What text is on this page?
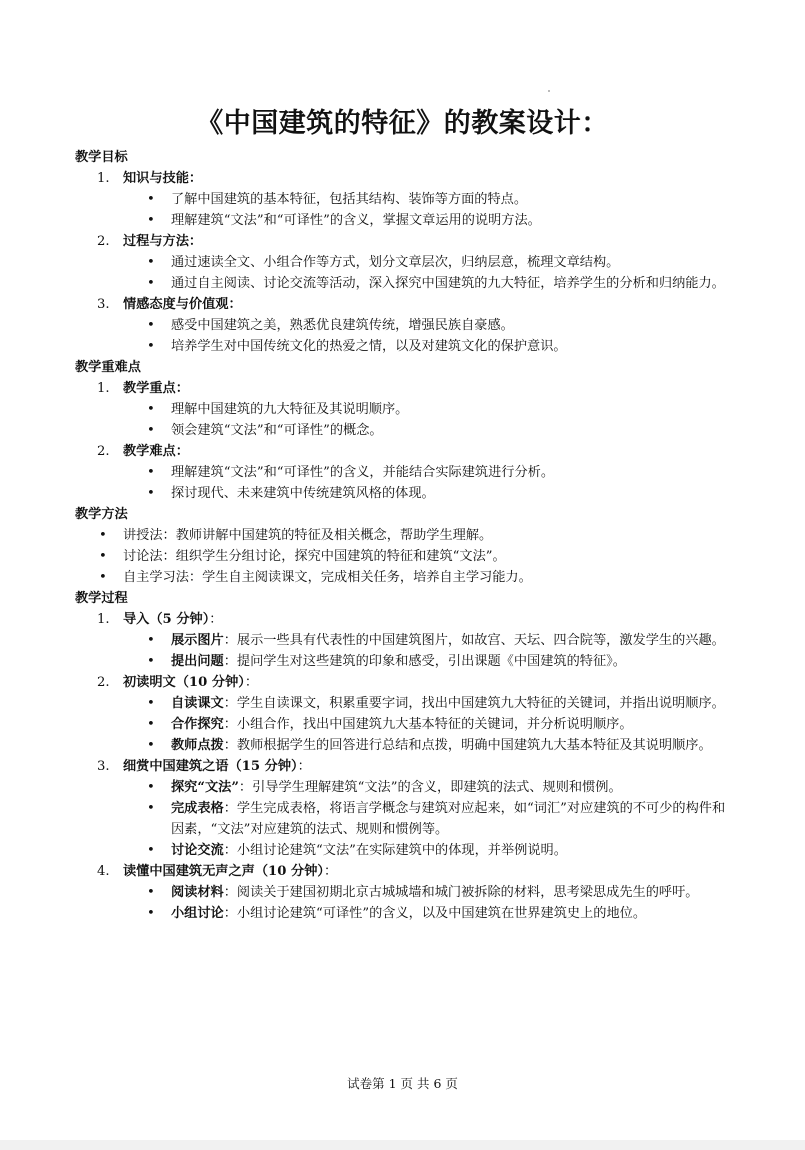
《中国建筑的特征》的教案设计：
教学目标
1. 知识与技能：
• 了解中国建筑的基本特征，包括其结构、装饰等方面的特点。
• 理解建筑“文法”和“可译性”的含义，掌握文章运用的说明方法。
2. 过程与方法：
• 通过速读全文、小组合作等方式，划分文章层次，归纳层意，梳理文章结构。
• 通过自主阅读、讨论交流等活动，深入探究中国建筑的九大特征，培养学生的分析和归纳能力。
3. 情感态度与价值观：
• 感受中国建筑之美，熟悉优良建筑传统，增强民族自豪感。
• 培养学生对中国传统文化的热爱之情，以及对建筑文化的保护意识。
教学重难点
1. 教学重点：
• 理解中国建筑的九大特征及其说明顺序。
• 领会建筑“文法”和“可译性”的概念。
2. 教学难点：
• 理解建筑“文法”和“可译性”的含义，并能结合实际建筑进行分析。
• 探讨现代、未来建筑中传统建筑风格的体现。
教学方法
• 讲授法：教师讲解中国建筑的特征及相关概念，帮助学生理解。
• 讨论法：组织学生分组讨论，探究中国建筑的特征和建筑“文法”。
• 自主学习法：学生自主阅读课文，完成相关任务，培养自主学习能力。
教学过程
1. 导入（5 分钟）：
• 展示图片：展示一些具有代表性的中国建筑图片，如故宫、天坛、四合院等，激发学生的兴趣。
• 提出问题：提问学生对这些建筑的印象和感受，引出课题《中国建筑的特征》。
2. 初读明文（10 分钟）：
• 自读课文：学生自读课文，积累重要字词，找出中国建筑九大特征的关键词，并指出说明顺序。
• 合作探究：小组合作，找出中国建筑九大基本特征的关键词，并分析说明顺序。
• 教师点拨：教师根据学生的回答进行总结和点拨，明确中国建筑九大基本特征及其说明顺序。
3. 细赏中国建筑之语（15 分钟）：
• 探究“文法”：引导学生理解建筑“文法”的含义，即建筑的法式、规则和惯例。
• 完成表格：学生完成表格，将语言学概念与建筑对应起来，如“词汇”对应建筑的不可少的构件和因素，“文法”对应建筑的法式、规则和惯例等。
• 讨论交流：小组讨论建筑“文法”在实际建筑中的体现，并举例说明。
4. 读懂中国建筑无声之声（10 分钟）：
• 阅读材料：阅读关于建国初期北京古城城墙和城门被拆除的材料，思考梁思成先生的呼吁。
• 小组讨论：小组讨论建筑“可译性”的含义，以及中国建筑在世界建筑史上的地位。
试卷第 1 页 共 6 页
